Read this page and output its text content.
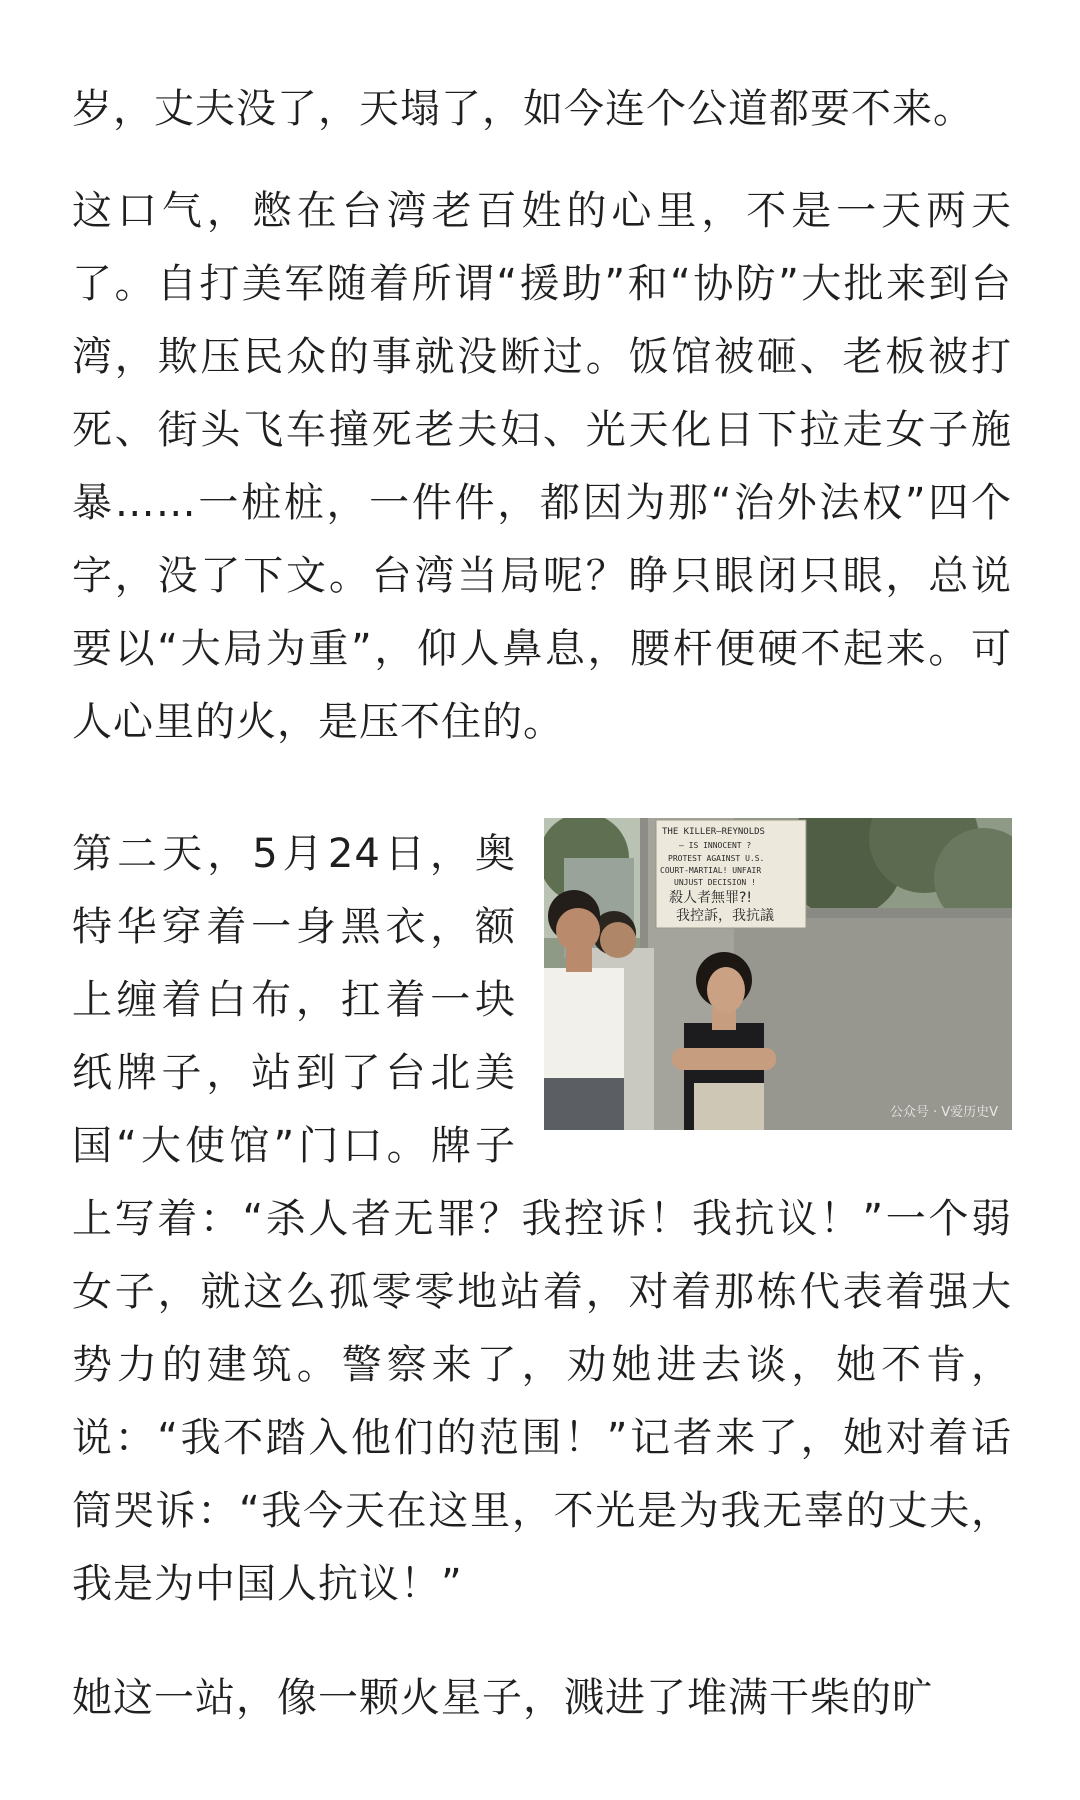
岁，丈夫没了，天塌了，如今连个公道都要不来。

这口气，憋在台湾老百姓的心里，不是一天两天了。自打美军随着所谓“援助”和“协防”大批来到台湾，欺压民众的事就没断过。饭馆被砸、老板被打死、街头飞车撞死老夫妇、光天化日下拉走女子施暴……一桩桩，一件件，都因为那“治外法权”四个字，没了下文。台湾当局呢？睁只眼闭只眼，总说要以“大局为重”，仰人鼻息，腰杆便硬不起来。可人心里的火，是压不住的。

THE KILLER—REYNOLDS
— IS INNOCENT ?
PROTEST AGAINST U.S.
COURT-MARTIAL! UNFAIR
UNJUST DECISION !
殺人者無罪?!
我控訴，我抗議
公众号 · V爱历史V

第二天，5月24日，奥特华穿着一身黑衣，额上缠着白布，扛着一块纸牌子，站到了台北美国“大使馆”门口。牌子上写着：“杀人者无罪？我控诉！我抗议！”一个弱女子，就这么孤零零地站着，对着那栋代表着强大势力的建筑。警察来了，劝她进去谈，她不肯，说：“我不踏入他们的范围！”记者来了，她对着话筒哭诉：“我今天在这里，不光是为我无辜的丈夫，我是为中国人抗议！”

她这一站，像一颗火星子，溅进了堆满干柴的旷
